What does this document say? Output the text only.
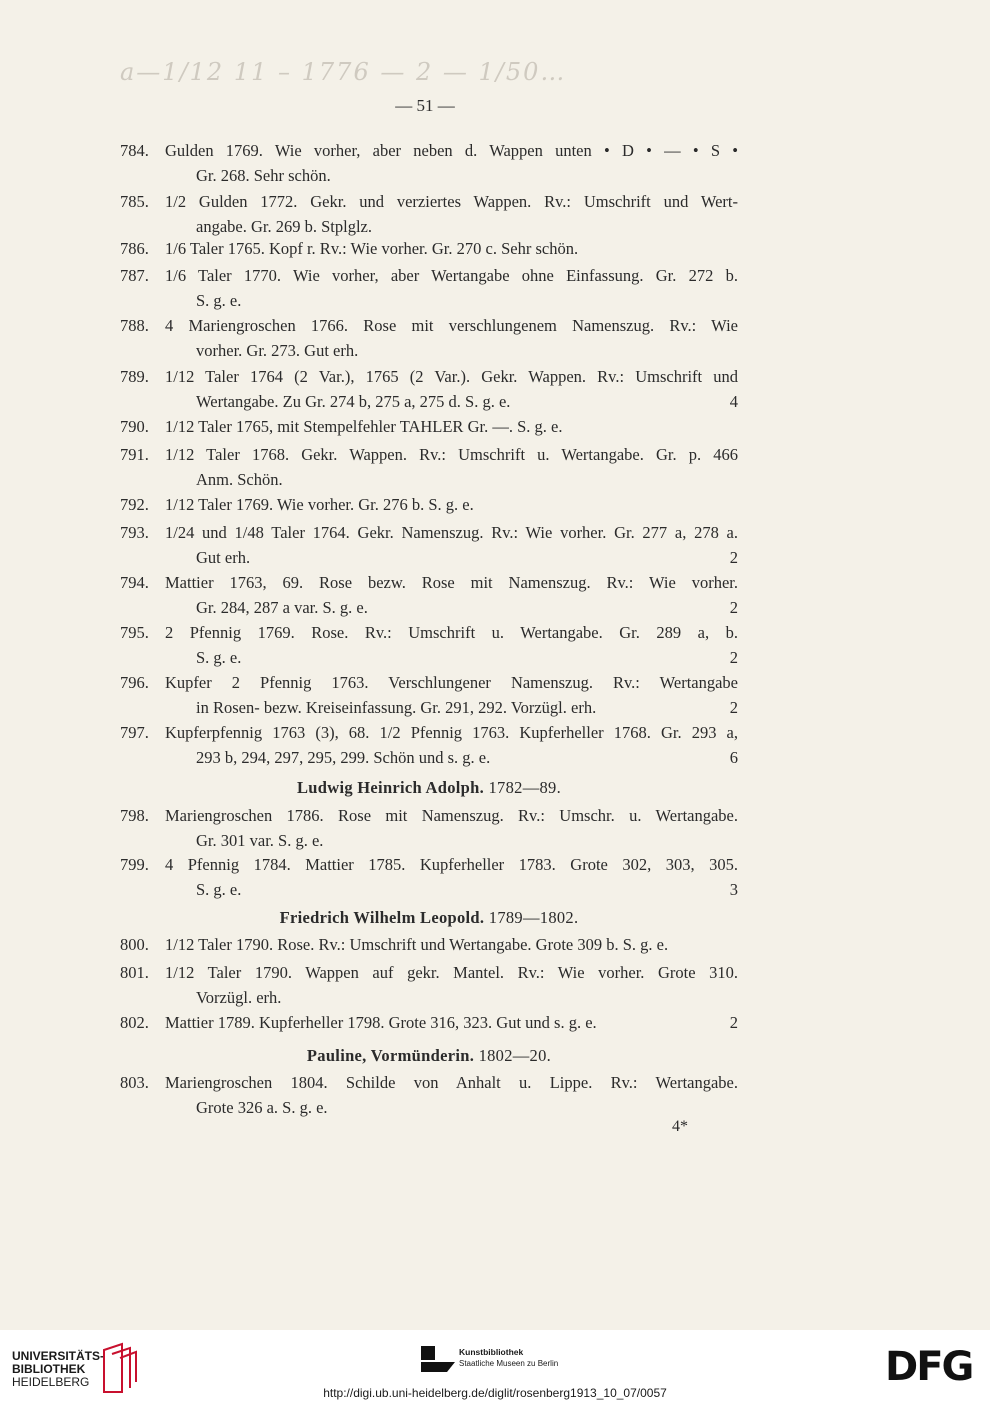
a—1/12 11 – 1776 — 2 — 1/50…
— 51 —
784. Gulden 1769. Wie vorher, aber neben d. Wappen unten • D • — • S •
Gr. 268. Sehr schön.
785. 1/2 Gulden 1772. Gekr. und verziertes Wappen. Rv.: Umschrift und Wert-
angabe. Gr. 269 b. Stplglz.
786. 1/6 Taler 1765. Kopf r. Rv.: Wie vorher. Gr. 270 c. Sehr schön.
787. 1/6 Taler 1770. Wie vorher, aber Wertangabe ohne Einfassung. Gr. 272 b.
S. g. e.
788. 4 Mariengroschen 1766. Rose mit verschlungenem Namenszug. Rv.: Wie
vorher. Gr. 273. Gut erh.
789. 1/12 Taler 1764 (2 Var.), 1765 (2 Var.). Gekr. Wappen. Rv.: Umschrift und
Wertangabe. Zu Gr. 274 b, 275 a, 275 d. S. g. e.	4
790. 1/12 Taler 1765, mit Stempelfehler TAHLER Gr. —. S. g. e.
791. 1/12 Taler 1768. Gekr. Wappen. Rv.: Umschrift u. Wertangabe. Gr. p. 466
Anm. Schön.
792. 1/12 Taler 1769. Wie vorher. Gr. 276 b. S. g. e.
793. 1/24 und 1/48 Taler 1764. Gekr. Namenszug. Rv.: Wie vorher. Gr. 277 a, 278 a.
Gut erh.	2
794. Mattier 1763, 69. Rose bezw. Rose mit Namenszug. Rv.: Wie vorher.
Gr. 284, 287 a var. S. g. e.	2
795. 2 Pfennig 1769. Rose. Rv.: Umschrift u. Wertangabe. Gr. 289 a, b.
S. g. e.	2
796. Kupfer 2 Pfennig 1763. Verschlungener Namenszug. Rv.: Wertangabe
in Rosen- bezw. Kreiseinfassung. Gr. 291, 292. Vorzügl. erh.	2
797. Kupferpfennig 1763 (3), 68. 1/2 Pfennig 1763. Kupferheller 1768. Gr. 293 a,
293 b, 294, 297, 295, 299. Schön und s. g. e.	6
Ludwig Heinrich Adolph. 1782—89.
798. Mariengroschen 1786. Rose mit Namenszug. Rv.: Umschr. u. Wertangabe.
Gr. 301 var. S. g. e.
799. 4 Pfennig 1784. Mattier 1785. Kupferheller 1783. Grote 302, 303, 305.
S. g. e.	3
Friedrich Wilhelm Leopold. 1789—1802.
800. 1/12 Taler 1790. Rose. Rv.: Umschrift und Wertangabe. Grote 309 b. S. g. e.
801. 1/12 Taler 1790. Wappen auf gekr. Mantel. Rv.: Wie vorher. Grote 310.
Vorzügl. erh.
802. Mattier 1789. Kupferheller 1798. Grote 316, 323. Gut und s. g. e.	2
Pauline, Vormünderin. 1802—20.
803. Mariengroschen 1804. Schilde von Anhalt u. Lippe. Rv.: Wertangabe.
Grote 326 a. S. g. e.
4*
UNIVERSITÄTS-
BIBLIOTHEK
HEIDELBERG
Kunstbibliothek
Staatliche Museen zu Berlin	DFG
http://digi.ub.uni-heidelberg.de/diglit/rosenberg1913_10_07/0057
